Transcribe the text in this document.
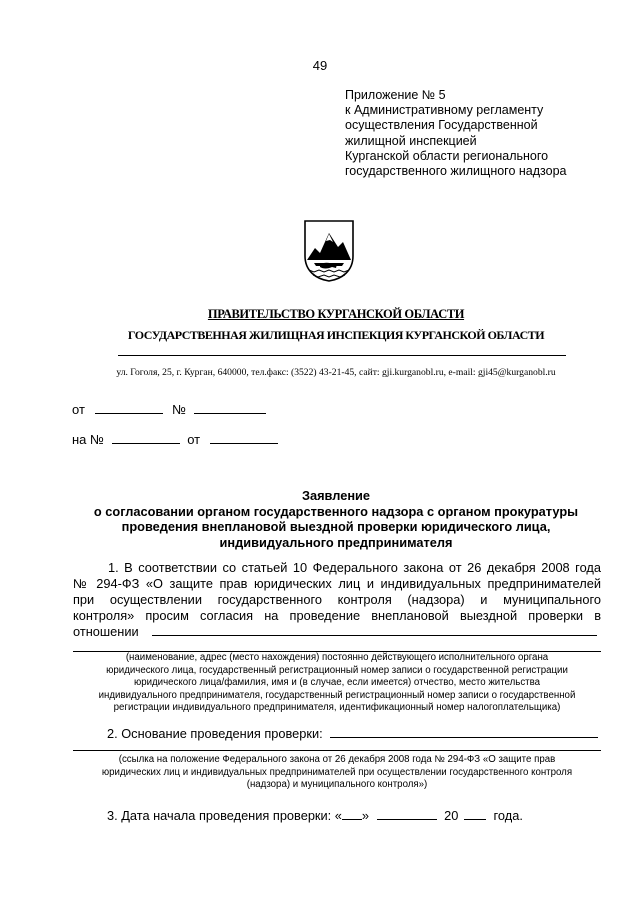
49
Приложение № 5
к Административному регламенту
осуществления Государственной
жилищной инспекцией
Курганской области регионального
государственного жилищного надзора
ПРАВИТЕЛЬСТВО КУРГАНСКОЙ ОБЛАСТИ
ГОСУДАРСТВЕННАЯ ЖИЛИЩНАЯ ИНСПЕКЦИЯ КУРГАНСКОЙ ОБЛАСТИ
ул. Гоголя, 25, г. Курган, 640000, тел.факс: (3522) 43-21-45, сайт: gji.kurganobl.ru, e-mail: gji45@kurganobl.ru
от	№
на №	от
Заявление
о согласовании органом государственного надзора с органом прокуратуры
проведения внеплановой выездной проверки юридического лица,
индивидуального предпринимателя
1. В соответствии со статьей 10 Федерального закона от 26 декабря 2008 года
№ 294-ФЗ «О защите прав юридических лиц и индивидуальных предпринимателей
при осуществлении государственного контроля (надзора) и муниципального
контроля» просим согласия на проведение внеплановой выездной проверки в
отношении
(наименование, адрес (место нахождения) постоянно действующего исполнительного органа
юридического лица, государственный регистрационный номер записи о государственной регистрации
юридического лица/фамилия, имя и (в случае, если имеется) отчество, место жительства
индивидуального предпринимателя, государственный регистрационный номер записи о государственной
регистрации индивидуального предпринимателя, идентификационный номер налогоплательщика)
2. Основание проведения проверки:
(ссылка на положение Федерального закона от 26 декабря 2008 года № 294-ФЗ «О защите прав
юридических лиц и индивидуальных предпринимателей при осуществлении государственного контроля
(надзора) и муниципального контроля»)
3. Дата начала проведения проверки: « »	20	года.
